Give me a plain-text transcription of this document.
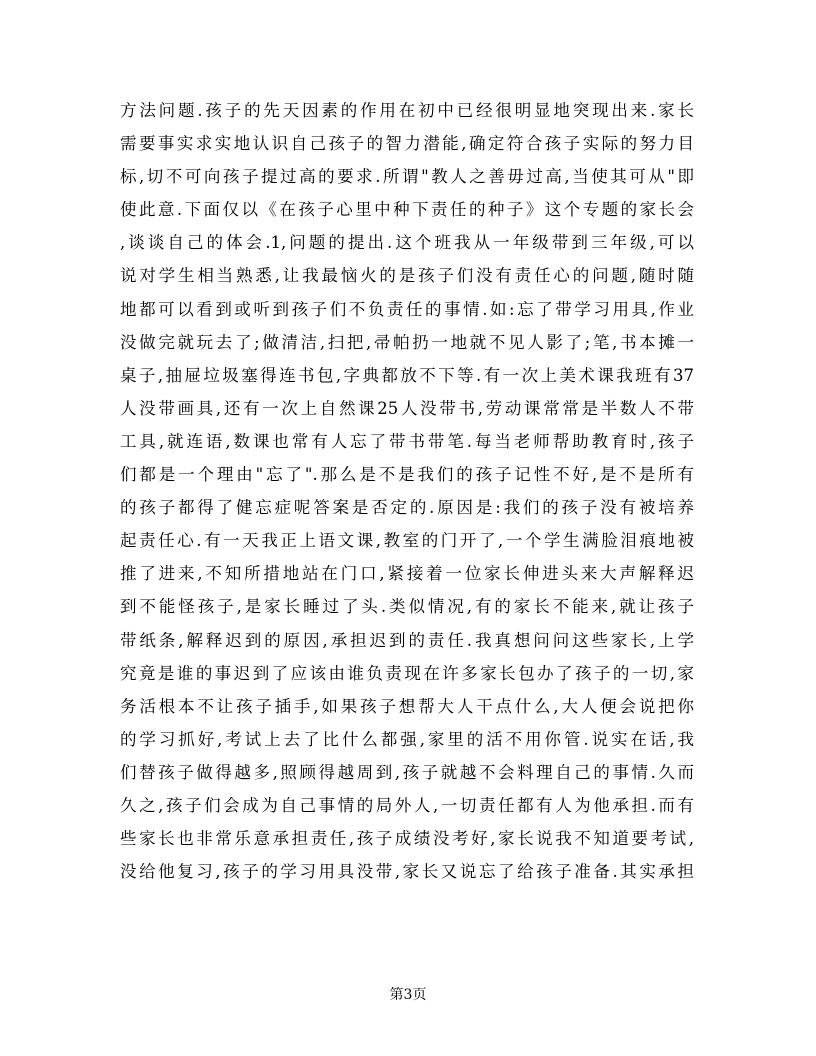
方法问题.孩子的先天因素的作用在初中已经很明显地突现出来.家长
需要事实求实地认识自己孩子的智力潜能,确定符合孩子实际的努力目
标,切不可向孩子提过高的要求.所谓"教人之善毋过高,当使其可从"即
使此意.下面仅以《在孩子心里中种下责任的种子》这个专题的家长会
,谈谈自己的体会.1,问题的提出.这个班我从一年级带到三年级,可以
说对学生相当熟悉,让我最恼火的是孩子们没有责任心的问题,随时随
地都可以看到或听到孩子们不负责任的事情.如:忘了带学习用具,作业
没做完就玩去了;做清洁,扫把,帚帕扔一地就不见人影了;笔,书本摊一
桌子,抽屉垃圾塞得连书包,字典都放不下等.有一次上美术课我班有37
人没带画具,还有一次上自然课25人没带书,劳动课常常是半数人不带
工具,就连语,数课也常有人忘了带书带笔.每当老师帮助教育时,孩子
们都是一个理由"忘了".那么是不是我们的孩子记性不好,是不是所有
的孩子都得了健忘症呢答案是否定的.原因是:我们的孩子没有被培养
起责任心.有一天我正上语文课,教室的门开了,一个学生满脸泪痕地被
推了进来,不知所措地站在门口,紧接着一位家长伸进头来大声解释迟
到不能怪孩子,是家长睡过了头.类似情况,有的家长不能来,就让孩子
带纸条,解释迟到的原因,承担迟到的责任.我真想问问这些家长,上学
究竟是谁的事迟到了应该由谁负责现在许多家长包办了孩子的一切,家
务活根本不让孩子插手,如果孩子想帮大人干点什么,大人便会说把你
的学习抓好,考试上去了比什么都强,家里的活不用你管.说实在话,我
们替孩子做得越多,照顾得越周到,孩子就越不会料理自己的事情.久而
久之,孩子们会成为自己事情的局外人,一切责任都有人为他承担.而有
些家长也非常乐意承担责任,孩子成绩没考好,家长说我不知道要考试,
没给他复习,孩子的学习用具没带,家长又说忘了给孩子准备.其实承担
第3页
